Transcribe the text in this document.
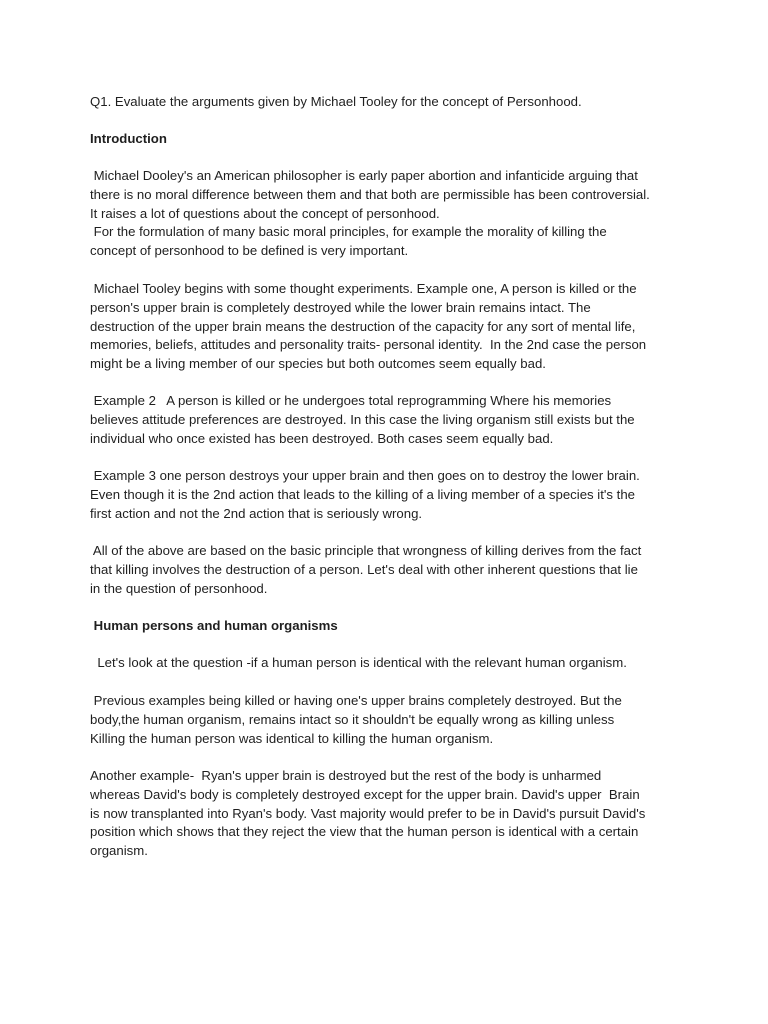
Q1. Evaluate the arguments given by Michael Tooley for the concept of Personhood.

Introduction

Michael Dooley's an American philosopher is early paper abortion and infanticide arguing that

there is no moral difference between them and that both are permissible has been controversial.

It raises a lot of questions about the concept of personhood.

For the formulation of many basic moral principles, for example the morality of killing the

concept of personhood to be defined is very important.

Michael Tooley begins with some thought experiments. Example one, A person is killed or the

person's upper brain is completely destroyed while the lower brain remains intact. The

destruction of the upper brain means the destruction of the capacity for any sort of mental life,

memories, beliefs, attitudes and personality traits- personal identity.  In the 2nd case the person

might be a living member of our species but both outcomes seem equally bad.

Example 2   A person is killed or he undergoes total reprogramming Where his memories

believes attitude preferences are destroyed. In this case the living organism still exists but the

individual who once existed has been destroyed. Both cases seem equally bad.

Example 3 one person destroys your upper brain and then goes on to destroy the lower brain.

Even though it is the 2nd action that leads to the killing of a living member of a species it's the

first action and not the 2nd action that is seriously wrong.

All of the above are based on the basic principle that wrongness of killing derives from the fact

that killing involves the destruction of a person. Let's deal with other inherent questions that lie

in the question of personhood.

Human persons and human organisms

Let's look at the question -if a human person is identical with the relevant human organism.

Previous examples being killed or having one's upper brains completely destroyed. But the

body,the human organism, remains intact so it shouldn't be equally wrong as killing unless

Killing the human person was identical to killing the human organism.

Another example-  Ryan's upper brain is destroyed but the rest of the body is unharmed

whereas David's body is completely destroyed except for the upper brain. David's upper  Brain

is now transplanted into Ryan's body. Vast majority would prefer to be in David's pursuit David's

position which shows that they reject the view that the human person is identical with a certain

organism.
